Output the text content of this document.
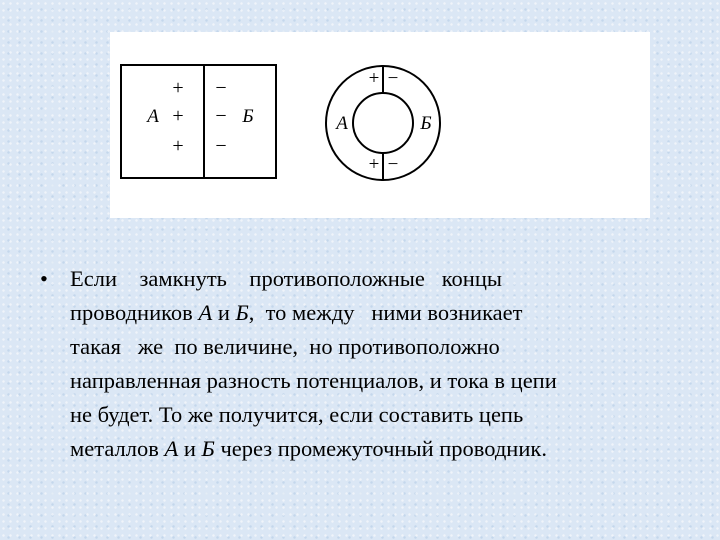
+
+
+
−
−
−
А	Б
+ −
+ −
А	Б
• Если    замкнуть    противоположные   концы
проводников А и Б,  то между   ними возникает
такая   же  по величине,  но противоположно
направленная разность потенциалов, и тока в цепи
не будет. То же получится, если составить цепь
металлов А и Б через промежуточный проводник.
